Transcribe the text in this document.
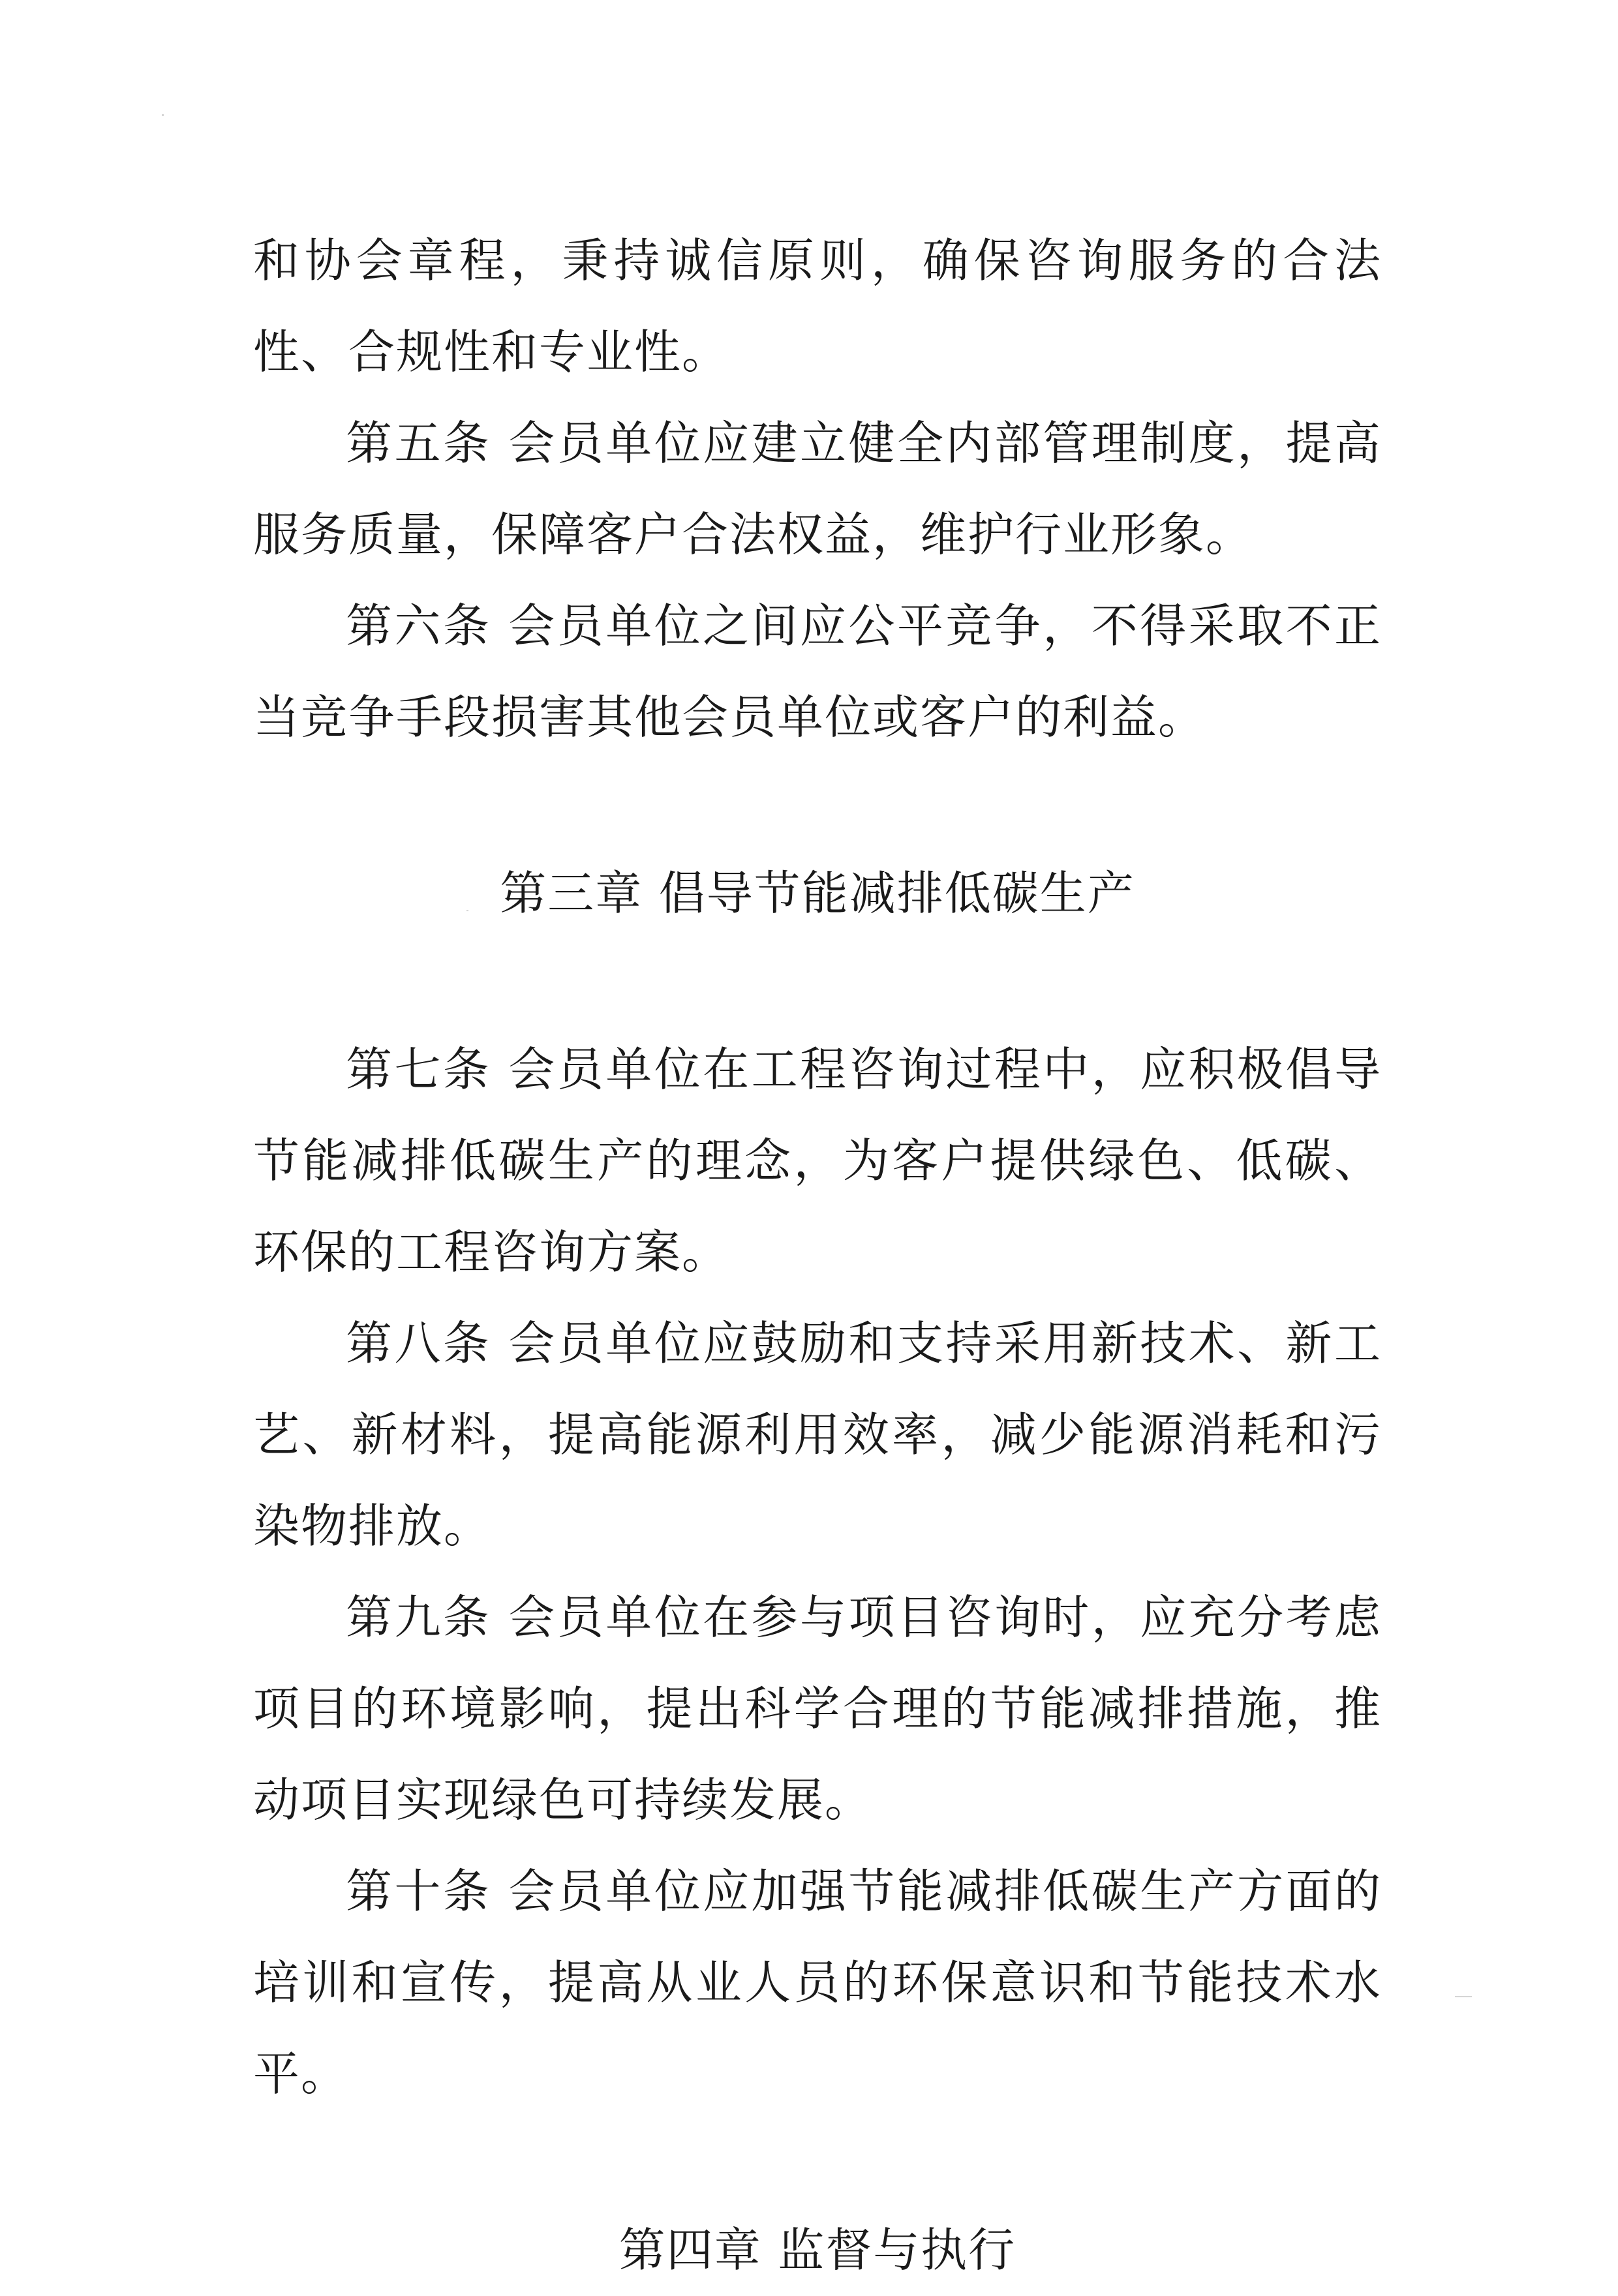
和协会章程，秉持诚信原则，确保咨询服务的合法性、合规性和专业性。

第五条 会员单位应建立健全内部管理制度，提高服务质量，保障客户合法权益，维护行业形象。

第六条 会员单位之间应公平竞争，不得采取不正当竞争手段损害其他会员单位或客户的利益。

第三章 倡导节能减排低碳生产

第七条 会员单位在工程咨询过程中，应积极倡导节能减排低碳生产的理念，为客户提供绿色、低碳、环保的工程咨询方案。

第八条 会员单位应鼓励和支持采用新技术、新工艺、新材料，提高能源利用效率，减少能源消耗和污染物排放。

第九条 会员单位在参与项目咨询时，应充分考虑项目的环境影响，提出科学合理的节能减排措施，推动项目实现绿色可持续发展。

第十条 会员单位应加强节能减排低碳生产方面的培训和宣传，提高从业人员的环保意识和节能技术水平。

第四章 监督与执行
